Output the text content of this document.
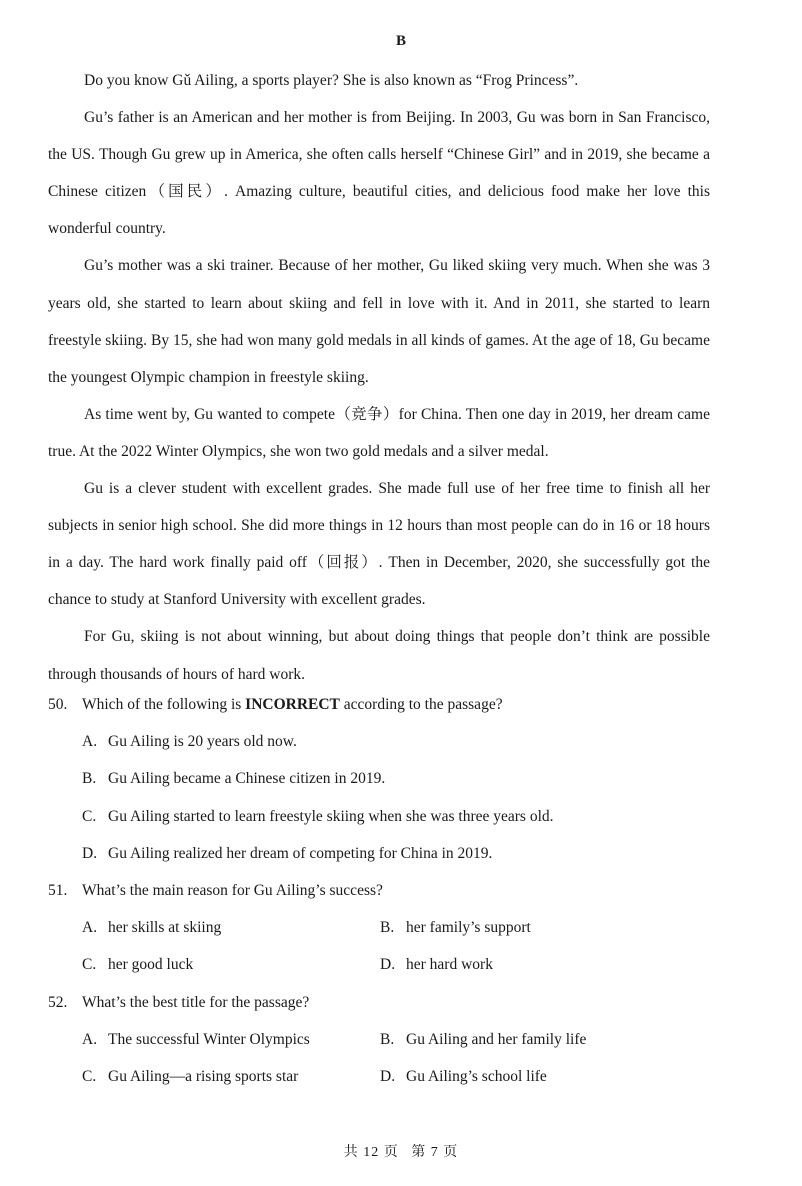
B

Do you know Gǔ Ailing, a sports player? She is also known as “Frog Princess”.

Gu’s father is an American and her mother is from Beijing. In 2003, Gu was born in San Francisco, the US. Though Gu grew up in America, she often calls herself “Chinese Girl” and in 2019, she became a Chinese citizen（国民）. Amazing culture, beautiful cities, and delicious food make her love this wonderful country.

Gu’s mother was a ski trainer. Because of her mother, Gu liked skiing very much. When she was 3 years old, she started to learn about skiing and fell in love with it. And in 2011, she started to learn freestyle skiing. By 15, she had won many gold medals in all kinds of games. At the age of 18, Gu became the youngest Olympic champion in freestyle skiing.

As time went by, Gu wanted to compete（竞争）for China. Then one day in 2019, her dream came true. At the 2022 Winter Olympics, she won two gold medals and a silver medal.

Gu is a clever student with excellent grades. She made full use of her free time to finish all her subjects in senior high school. She did more things in 12 hours than most people can do in 16 or 18 hours in a day. The hard work finally paid off（回报）. Then in December, 2020, she successfully got the chance to study at Stanford University with excellent grades.

For Gu, skiing is not about winning, but about doing things that people don’t think are possible through thousands of hours of hard work.

50. Which of the following is INCORRECT according to the passage?

A. Gu Ailing is 20 years old now.
B. Gu Ailing became a Chinese citizen in 2019.
C. Gu Ailing started to learn freestyle skiing when she was three years old.
D. Gu Ailing realized her dream of competing for China in 2019.

51. What’s the main reason for Gu Ailing’s success?

A. her skills at skiing	B. her family’s support
C. her good luck	D. her hard work

52. What’s the best title for the passage?

A. The successful Winter Olympics	B. Gu Ailing and her family life
C. Gu Ailing—a rising sports star	D. Gu Ailing’s school life
共 12 页 第 7 页
